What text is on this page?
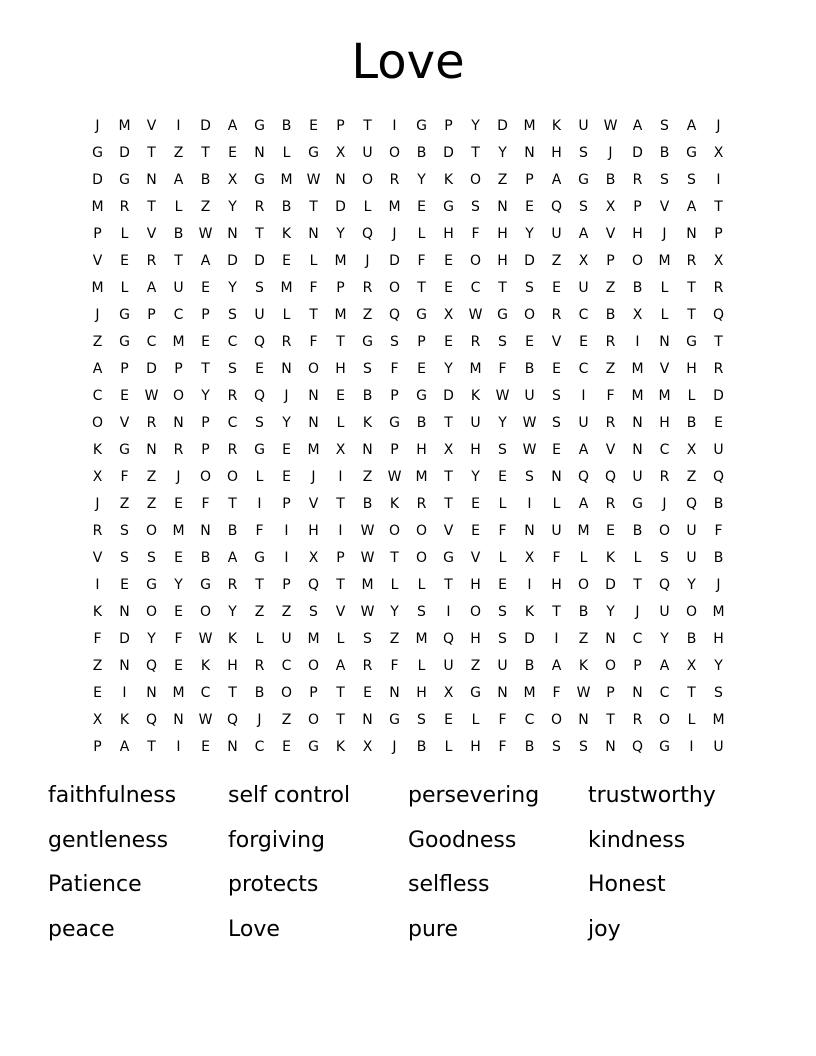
Love
J	M	V	I	D	A	G	B	E	P	T	I	G	P	Y	D	M	K	U	W	A	S	A	J
G	D	T	Z	T	E	N	L	G	X	U	O	B	D	T	Y	N	H	S	J	D	B	G	X
D	G	N	A	B	X	G	M	W	N	O	R	Y	K	O	Z	P	A	G	B	R	S	S	I
M	R	T	L	Z	Y	R	B	T	D	L	M	E	G	S	N	E	Q	S	X	P	V	A	T
P	L	V	B	W	N	T	K	N	Y	Q	J	L	H	F	H	Y	U	A	V	H	J	N	P
V	E	R	T	A	D	D	E	L	M	J	D	F	E	O	H	D	Z	X	P	O	M	R	X
M	L	A	U	E	Y	S	M	F	P	R	O	T	E	C	T	S	E	U	Z	B	L	T	R
J	G	P	C	P	S	U	L	T	M	Z	Q	G	X	W	G	O	R	C	B	X	L	T	Q
Z	G	C	M	E	C	Q	R	F	T	G	S	P	E	R	S	E	V	E	R	I	N	G	T
A	P	D	P	T	S	E	N	O	H	S	F	E	Y	M	F	B	E	C	Z	M	V	H	R
C	E	W	O	Y	R	Q	J	N	E	B	P	G	D	K	W	U	S	I	F	M	M	L	D
O	V	R	N	P	C	S	Y	N	L	K	G	B	T	U	Y	W	S	U	R	N	H	B	E
K	G	N	R	P	R	G	E	M	X	N	P	H	X	H	S	W	E	A	V	N	C	X	U
X	F	Z	J	O	O	L	E	J	I	Z	W	M	T	Y	E	S	N	Q	Q	U	R	Z	Q
J	Z	Z	E	F	T	I	P	V	T	B	K	R	T	E	L	I	L	A	R	G	J	Q	B
R	S	O	M	N	B	F	I	H	I	W	O	O	V	E	F	N	U	M	E	B	O	U	F
V	S	S	E	B	A	G	I	X	P	W	T	O	G	V	L	X	F	L	K	L	S	U	B
I	E	G	Y	G	R	T	P	Q	T	M	L	L	T	H	E	I	H	O	D	T	Q	Y	J
K	N	O	E	O	Y	Z	Z	S	V	W	Y	S	I	O	S	K	T	B	Y	J	U	O	M
F	D	Y	F	W	K	L	U	M	L	S	Z	M	Q	H	S	D	I	Z	N	C	Y	B	H
Z	N	Q	E	K	H	R	C	O	A	R	F	L	U	Z	U	B	A	K	O	P	A	X	Y
E	I	N	M	C	T	B	O	P	T	E	N	H	X	G	N	M	F	W	P	N	C	T	S
X	K	Q	N	W	Q	J	Z	O	T	N	G	S	E	L	F	C	O	N	T	R	O	L	M
P	A	T	I	E	N	C	E	G	K	X	J	B	L	H	F	B	S	S	N	Q	G	I	U
faithfulness	self control	persevering	trustworthy
gentleness	forgiving	Goodness	kindness
Patience	protects	selfless	Honest
peace	Love	pure	joy
